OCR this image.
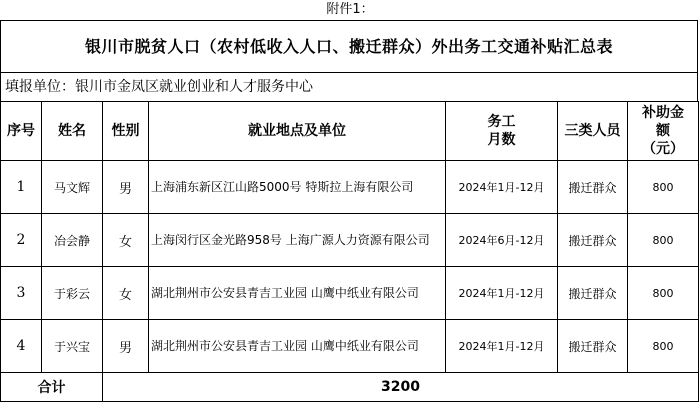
附件1：
银川市脱贫人口（农村低收入人口、搬迁群众）外出务工交通补贴汇总表
填报单位：银川市金凤区就业创业和人才服务中心
序号	姓名	性别	就业地点及单位	务工月数	三类人员	补助金额（元）

1	马文辉	男	上海浦东新区江山路5000号 特斯拉上海有限公司	2024年1月-12月	搬迁群众	800
2	冶会静	女	上海闵行区金光路958号 上海广源人力资源有限公司	2024年6月-12月	搬迁群众	800
3	于彩云	女	湖北荆州市公安县青吉工业园 山鹰中纸业有限公司	2024年1月-12月	搬迁群众	800
4	于兴宝	男	湖北荆州市公安县青吉工业园 山鹰中纸业有限公司	2024年1月-12月	搬迁群众	800
合计		3200				
